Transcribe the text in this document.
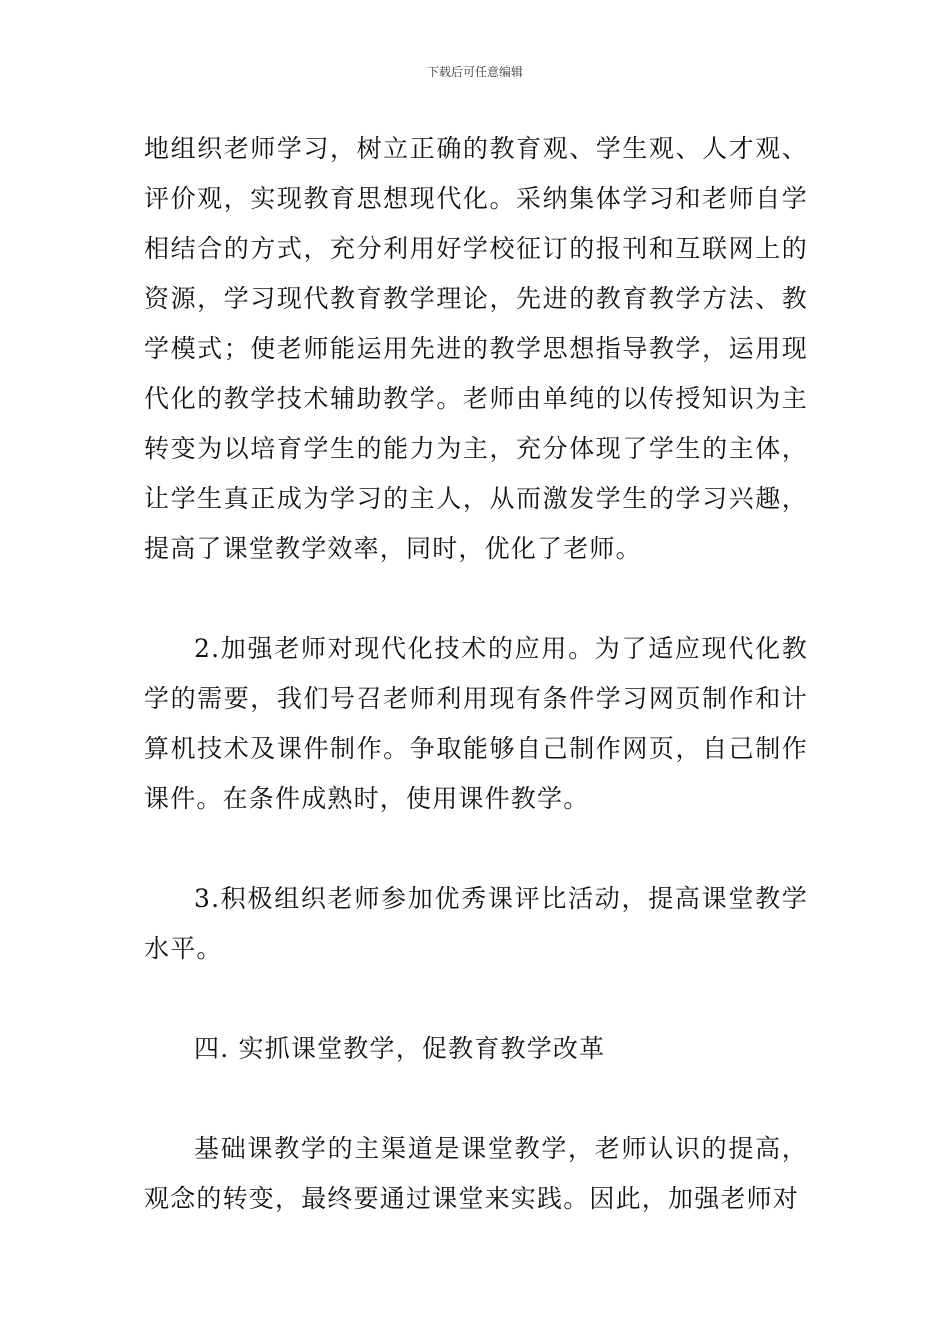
下载后可任意编辑

地组织老师学习，树立正确的教育观、学生观、人才观、评价观，实现教育思想现代化。采纳集体学习和老师自学相结合的方式，充分利用好学校征订的报刊和互联网上的资源，学习现代教育教学理论，先进的教育教学方法、教学模式；使老师能运用先进的教学思想指导教学，运用现代化的教学技术辅助教学。老师由单纯的以传授知识为主转变为以培育学生的能力为主，充分体现了学生的主体，让学生真正成为学习的主人，从而激发学生的学习兴趣，提高了课堂教学效率，同时，优化了老师。

2.加强老师对现代化技术的应用。为了适应现代化教学的需要，我们号召老师利用现有条件学习网页制作和计算机技术及课件制作。争取能够自己制作网页，自己制作课件。在条件成熟时，使用课件教学。

3.积极组织老师参加优秀课评比活动，提高课堂教学水平。

四. 实抓课堂教学，促教育教学改革

基础课教学的主渠道是课堂教学，老师认识的提高，观念的转变，最终要通过课堂来实践。因此，加强老师对
